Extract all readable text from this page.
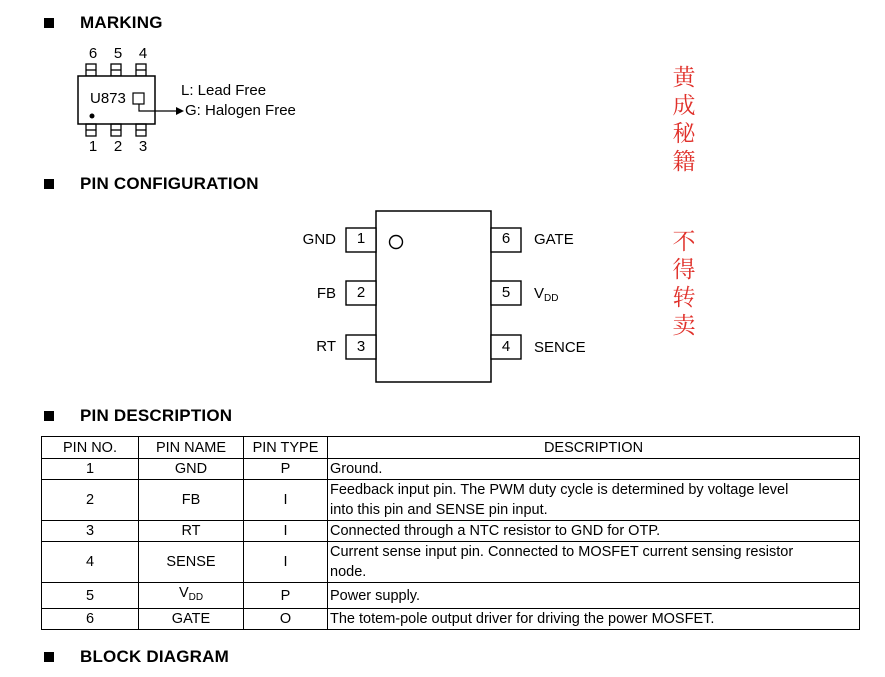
MARKING
6 5 4
U873
1 2 3
L: Lead Free
G: Halogen Free
黄
成
秘
籍
不
得
转
卖
PIN CONFIGURATION
1
2
3
GND
FB
RT
6
5
4
GATE
$V_{DD}$
SENCE
PIN DESCRIPTION
PIN NO.	PIN NAME	PIN TYPE	DESCRIPTION
1	GND	P	Ground.

2	FB	I	Feedback input pin. The PWM duty cycle is determined by voltage level
into this pin and SENSE pin input.

3	RT	I	Connected through a NTC resistor to GND for OTP.

4	SENSE	I	Current sense input pin. Connected to MOSFET current sensing resistor
node.

5	$V_{DD}$	P	Power supply.

6	GATE	O	The totem-pole output driver for driving the power MOSFET.
BLOCK DIAGRAM
